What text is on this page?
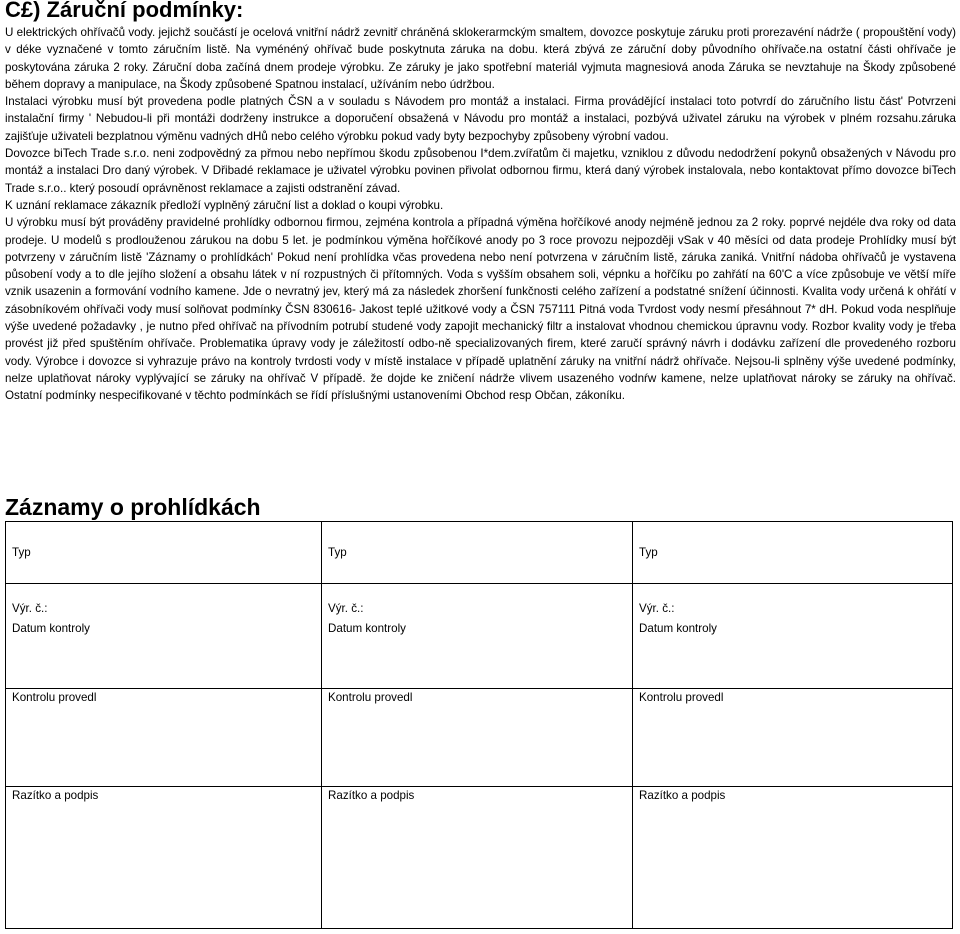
C£) Záruční podmínky:

U elektrických ohřívačů vody. jejichž součástí je ocelová vnitřní nádrž zevnitř chráněná sklokerarmckým smaltem, dovozce poskytuje záruku proti prorezavéní nádrže ( propouštění vody) v déke vyznačené v tomto záručním listě. Na vyménéný ohřívač bude poskytnuta záruka na dobu. která zbývá ze záruční doby původního ohřívače.na ostatní části ohřívače je poskytována záruka 2 roky. Záruční doba začíná dnem prodeje výrobku. Ze záruky je jako spotřební materiál vyjmuta magnesiová anoda Záruka se nevztahuje na Škody způsobené během dopravy a manipulace, na Škody způsobené Spatnou instalací, užíváním nebo údržbou.

Instalaci výrobku musí být provedena podle platných ČSN a v souladu s Návodem pro montáž a instalaci. Firma provádějící instalaci toto potvrdí do záručního listu část' Potvrzeni instalační firmy ' Nebudou-li při montáži dodrženy instrukce a doporučení obsažená v Návodu pro montáž a instalaci, pozbývá uživatel záruku na výrobek v plném rozsahu.záruka zajišťuje uživateli bezplatnou výměnu vadných dHů nebo celého výrobku pokud vady byty bezpochyby způsobeny výrobní vadou.

Dovozce biTech Trade s.r.o. neni zodpovědný za přmou nebo nepřímou škodu způsobenou I*dem.zvířatům či majetku, vzniklou z důvodu nedodržení pokynů obsažených v Návodu pro montáž a instalaci Dro daný výrobek. V Dřibadé reklamace je uživatel výrobku povinen přivolat odbornou firmu, která daný výrobek instalovala, nebo kontaktovat přímo dovozce biTech Trade s.r.o.. který posoudí oprávněnost reklamace a zajisti odstranění závad.

K uznání reklamace zákazník předloží vyplněný záruční list a doklad o koupi výrobku.

U výrobku musí být prováděny pravidelné prohlídky odbornou firmou, zejména kontrola a případná výměna hořčíkové anody nejméně jednou za 2 roky. poprvé nejdéle dva roky od data prodeje. U modelů s prodlouženou zárukou na dobu 5 let. je podmínkou výměna hořčíkové anody po 3 roce provozu nejpozději vSak v 40 měsíci od data prodeje Prohlídky musí být potvrzeny v záručním listě 'Záznamy o prohlídkách' Pokud není prohlídka včas provedena nebo není potvrzena v záručním listě, záruka zaniká. Vnitřní nádoba ohřívačů je vystavena působení vody a to dle jejího složení a obsahu látek v ní rozpustných či přítomných. Voda s vyšším obsahem soli, vépnku a hořčíku po zahřátí na 60'C a více způsobuje ve větší míře vznik usazenin a formování vodního kamene. Jde o nevratný jev, který má za následek zhoršení funkčnosti celého zařízení a podstatné snížení účinnosti. Kvalita vody určená k ohřátí v zásobníkovém ohřívači vody musí solňovat podmínky ČSN 830616- Jakost tepIé užitkové vody a ČSN 757111 Pitná voda Tvrdost vody nesmí přesáhnout 7* dH. Pokud voda nesplňuje výše uvedené požadavky , je nutno před ohřívač na přívodním potrubí studené vody zapojit mechanický filtr a instalovat vhodnou chemickou úpravnu vody. Rozbor kvality vody je třeba provést již před spuštěním ohřívače. Problematika úpravy vody je záležitostí odbo-ně specializovaných firem, které zaručí správný návrh i dodávku zařízení dle provedeného rozboru vody. Výrobce i dovozce si vyhrazuje právo na kontroly tvrdosti vody v místě instalace v případě uplatnění záruky na vnitřní nádrž ohřívače. Nejsou-li splněny výše uvedené podmínky, nelze uplatňovat nároky vyplývající se záruky na ohřívač V případě. že dojde ke zničení nádrže vlivem usazeného vodnŕw kamene, nelze uplatňovat nároky se záruky na ohřívač. Ostatní podmínky nespecifikované v těchto podmínkách se řídí příslušnými ustanoveními Obchod resp Občan, zákoníku.

Záznamy o prohlídkách
Typ	Typ	Typ
Výr. č.:	Výr. č.:	Výr. č.:
Datum kontroly	Datum kontroly	Datum kontroly

Kontrolu provedl	Kontrolu provedl	Kontrolu provedl

Razítko a podpis	Razítko a podpis	Razítko a podpis
